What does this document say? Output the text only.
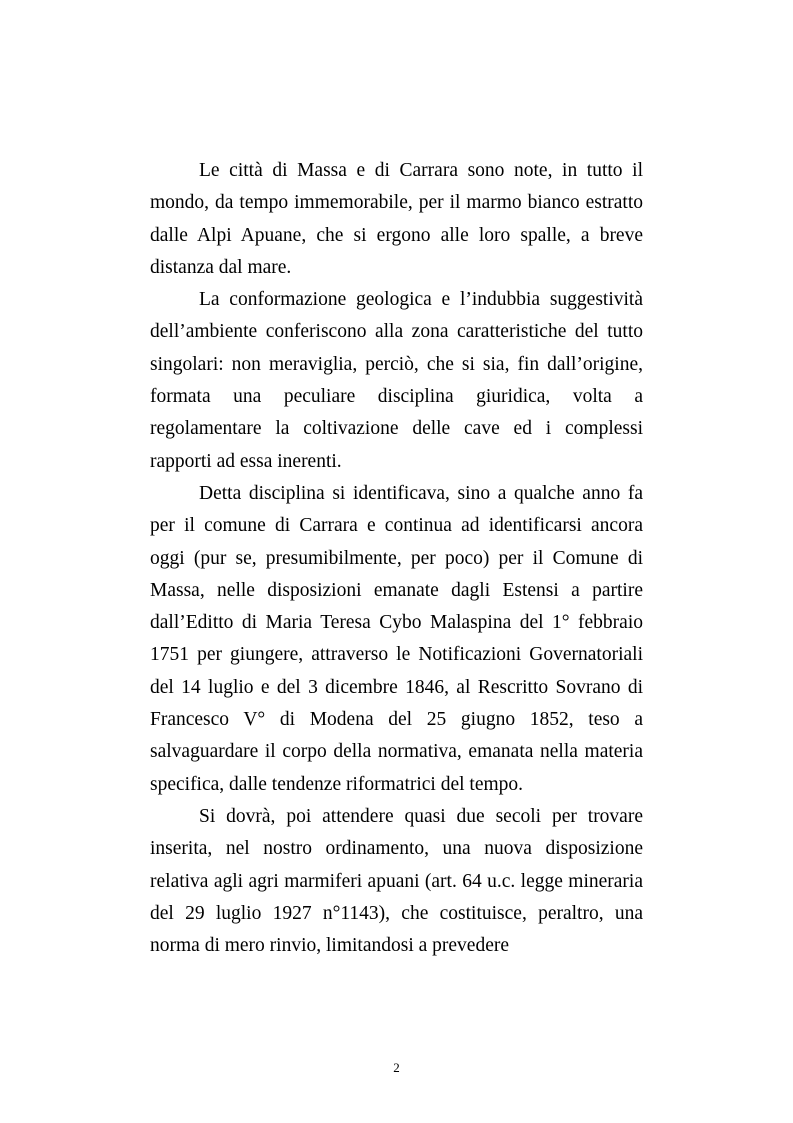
Le città di Massa e di Carrara sono note, in tutto il mondo, da tempo immemorabile, per il marmo bianco estratto dalle Alpi Apuane, che si ergono alle loro spalle, a breve distanza dal mare.

La conformazione geologica e l’indubbia suggestività dell’ambiente conferiscono alla zona caratteristiche del tutto singolari: non meraviglia, perciò, che si sia, fin dall’origine, formata una peculiare disciplina giuridica, volta a regolamentare la coltivazione delle cave ed i complessi rapporti ad essa inerenti.

Detta disciplina si identificava, sino a qualche anno fa per il comune di Carrara e continua ad identificarsi ancora oggi (pur se, presumibilmente, per poco) per il Comune di Massa, nelle disposizioni emanate dagli Estensi a partire dall’Editto di Maria Teresa Cybo Malaspina del 1° febbraio 1751 per giungere, attraverso le Notificazioni Governatoriali del 14 luglio e del 3 dicembre 1846, al Rescritto Sovrano di Francesco V° di Modena del 25 giugno 1852, teso a salvaguardare il corpo della normativa, emanata nella materia specifica, dalle tendenze riformatrici del tempo.

Si dovrà, poi attendere quasi due secoli per trovare inserita, nel nostro ordinamento, una nuova disposizione relativa agli agri marmiferi apuani (art. 64 u.c. legge mineraria del 29 luglio 1927 n°1143), che costituisce, peraltro, una norma di mero rinvio, limitandosi a prevedere

2
